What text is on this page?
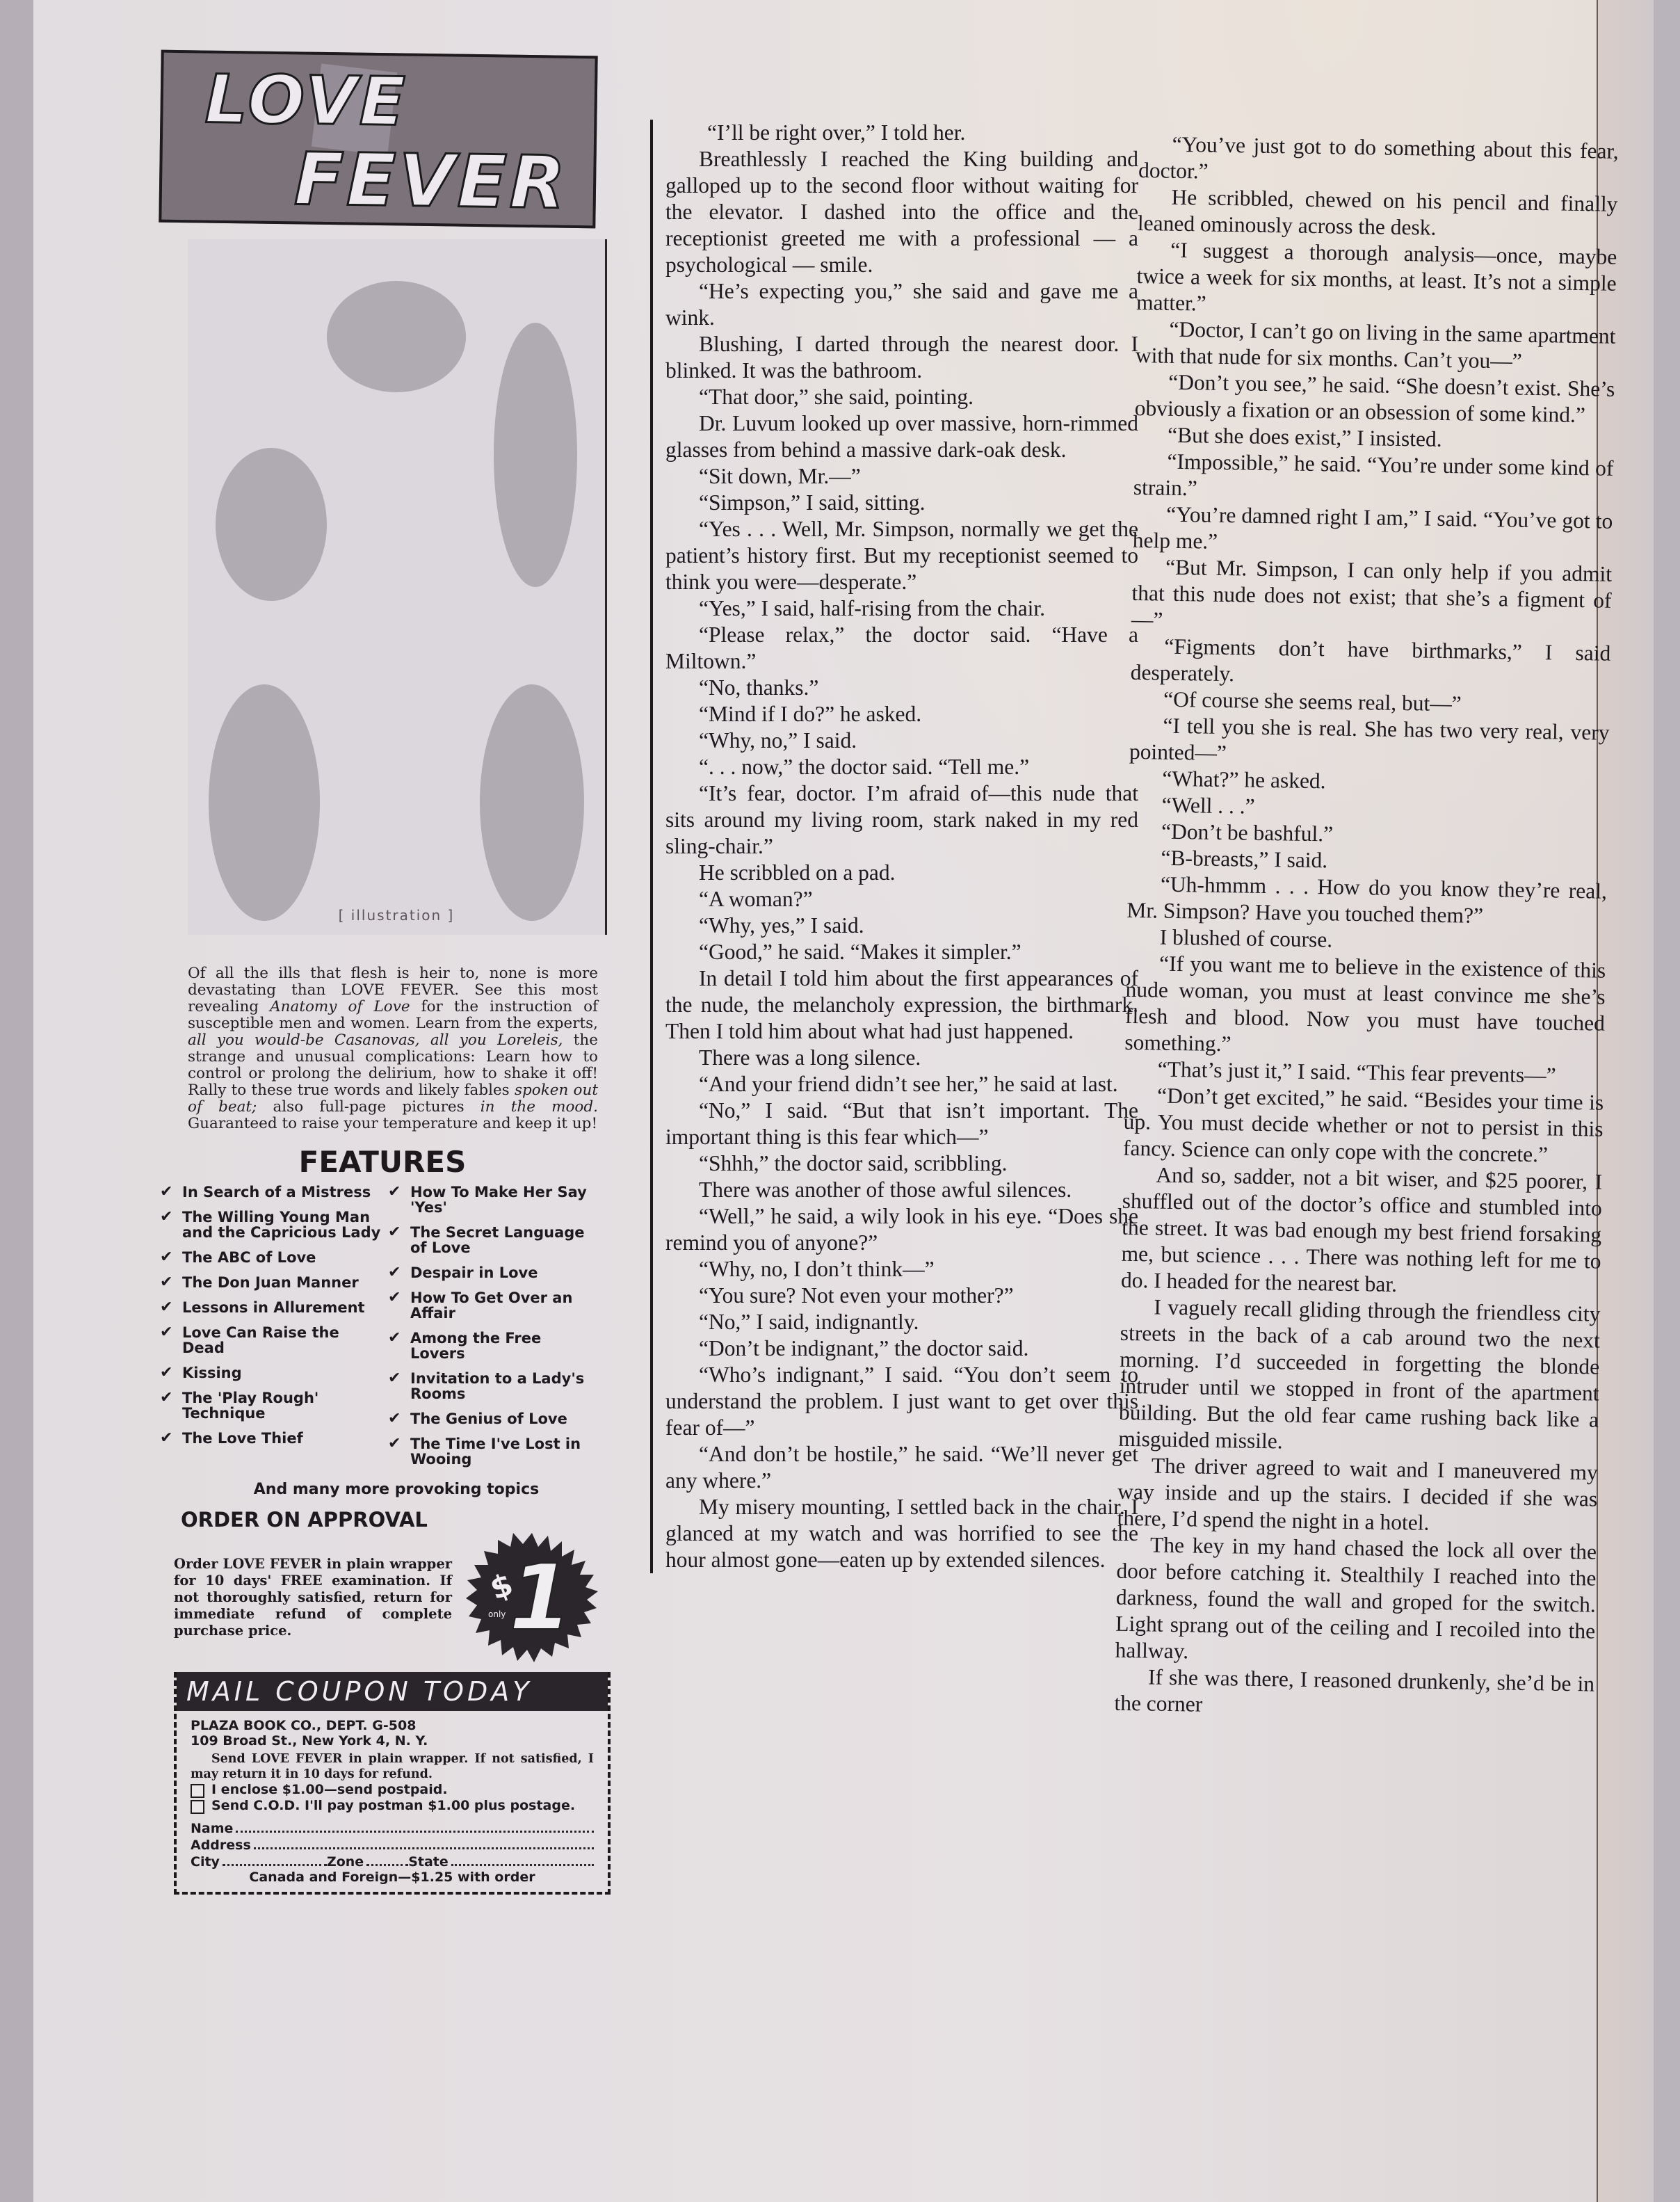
LOVE
FEVER
[ illustration ]
Of all the ills that flesh is heir to, none is more devastating than LOVE FEVER. See this most revealing Anatomy of Love for the instruction of susceptible men and women. Learn from the experts, all you would-be Casanovas, all you Loreleis, the strange and unusual complications: Learn how to control or prolong the delirium, how to shake it off! Rally to these true words and likely fables spoken out of beat; also full-page pictures in the mood. Guaranteed to raise your temperature and keep it up!
FEATURES
✔ In Search of a Mistress
✔ The Willing Young Man and the Capricious Lady
✔ The ABC of Love
✔ The Don Juan Manner
✔ Lessons in Allurement
✔ Love Can Raise the Dead
✔ Kissing
✔ The 'Play Rough' Technique
✔ The Love Thief
✔ How To Make Her Say 'Yes'
✔ The Secret Language of Love
✔ Despair in Love
✔ How To Get Over an Affair
✔ Among the Free Lovers
✔ Invitation to a Lady's Rooms
✔ The Genius of Love
✔ The Time I've Lost in Wooing
And many more provoking topics
ORDER ON APPROVAL
Order LOVE FEVER in plain wrapper for 10 days' FREE examination. If not thoroughly satisfied, return for immediate refund of complete purchase price.
$
only 1
MAIL COUPON TODAY
PLAZA BOOK CO., DEPT. G-508
109 Broad St., New York 4, N. Y.
Send LOVE FEVER in plain wrapper. If not satisfied, I may return it in 10 days for refund.
I enclose $1.00—send postpaid.
Send C.O.D. I'll pay postman $1.00 plus postage.
Name
Address
City	Zone	State
Canada and Foreign—$1.25 with order

“I’ll be right over,” I told her.

Breathlessly I reached the King building and galloped up to the second floor without waiting for the elevator. I dashed into the office and the receptionist greeted me with a professional — a psychological — smile.

“He’s expecting you,” she said and gave me a wink.

Blushing, I darted through the nearest door. I blinked. It was the bathroom.

“That door,” she said, pointing.

Dr. Luvum looked up over massive, horn-rimmed glasses from behind a massive dark-oak desk.

“Sit down, Mr.—”

“Simpson,” I said, sitting.

“Yes . . . Well, Mr. Simpson, normally we get the patient’s history first. But my receptionist seemed to think you were—desperate.”

“Yes,” I said, half-rising from the chair.

“Please relax,” the doctor said. “Have a Miltown.”

“No, thanks.”

“Mind if I do?” he asked.

“Why, no,” I said.

“. . . now,” the doctor said. “Tell me.”

“It’s fear, doctor. I’m afraid of—this nude that sits around my living room, stark naked in my red sling-chair.”

He scribbled on a pad.

“A woman?”

“Why, yes,” I said.

“Good,” he said. “Makes it simpler.”

In detail I told him about the first appearances of the nude, the melancholy expression, the birthmark. Then I told him about what had just happened.

There was a long silence.

“And your friend didn’t see her,” he said at last.

“No,” I said. “But that isn’t important. The important thing is this fear which—”

“Shhh,” the doctor said, scribbling.

There was another of those awful silences.

“Well,” he said, a wily look in his eye. “Does she remind you of anyone?”

“Why, no, I don’t think—”

“You sure? Not even your mother?”

“No,” I said, indignantly.

“Don’t be indignant,” the doctor said.

“Who’s indignant,” I said. “You don’t seem to understand the problem. I just want to get over this fear of—”

“And don’t be hostile,” he said. “We’ll never get any where.”

My misery mounting, I settled back in the chair. I glanced at my watch and was horrified to see the hour almost gone—eaten up by extended silences.

“You’ve just got to do something about this fear, doctor.”

He scribbled, chewed on his pencil and finally leaned ominously across the desk.

“I suggest a thorough analysis—once, maybe twice a week for six months, at least. It’s not a simple matter.”

“Doctor, I can’t go on living in the same apartment with that nude for six months. Can’t you—”

“Don’t you see,” he said. “She doesn’t exist. She’s obviously a fixation or an obsession of some kind.”

“But she does exist,” I insisted.

“Impossible,” he said. “You’re under some kind of strain.”

“You’re damned right I am,” I said. “You’ve got to help me.”

“But Mr. Simpson, I can only help if you admit that this nude does not exist; that she’s a figment of—”

“Figments don’t have birthmarks,” I said desperately.

“Of course she seems real, but—”

“I tell you she is real. She has two very real, very pointed—”

“What?” he asked.

“Well . . .”

“Don’t be bashful.”

“B-breasts,” I said.

“Uh-hmmm . . . How do you know they’re real, Mr. Simpson? Have you touched them?”

I blushed of course.

“If you want me to believe in the existence of this nude woman, you must at least convince me she’s flesh and blood. Now you must have touched something.”

“That’s just it,” I said. “This fear prevents—”

“Don’t get excited,” he said. “Besides your time is up. You must decide whether or not to persist in this fancy. Science can only cope with the concrete.”

And so, sadder, not a bit wiser, and $25 poorer, I shuffled out of the doctor’s office and stumbled into the street. It was bad enough my best friend forsaking me, but science . . . There was nothing left for me to do. I headed for the nearest bar.

I vaguely recall gliding through the friendless city streets in the back of a cab around two the next morning. I’d succeeded in forgetting the blonde intruder until we stopped in front of the apartment building. But the old fear came rushing back like a misguided missile.

The driver agreed to wait and I maneuvered my way inside and up the stairs. I decided if she was there, I’d spend the night in a hotel.

The key in my hand chased the lock all over the door before catching it. Stealthily I reached into the darkness, found the wall and groped for the switch. Light sprang out of the ceiling and I recoiled into the hallway.

If she was there, I reasoned drunkenly, she’d be in the corner
